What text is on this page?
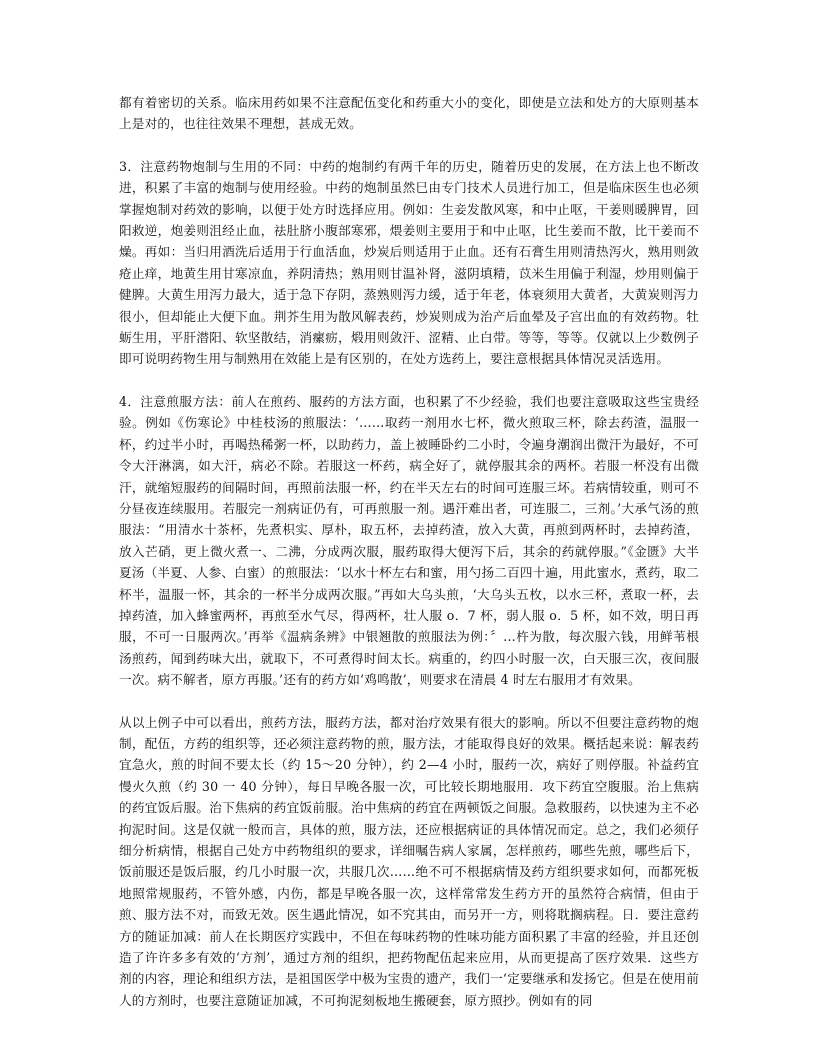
都有着密切的关系。临床用药如果不注意配伍变化和药重大小的变化，即使是立法和处方的大原则基本上是对的，也往往效果不理想，甚成无效。

3．注意药物炮制与生用的不同：中药的炮制约有两千年的历史，随着历史的发展，在方法上也不断改进，积累了丰富的炮制与使用经验。中药的炮制虽然巳由专门技术人员进行加工，但是临床医生也必须掌握炮制对药效的影响，以便于处方时选择应用。例如：生妾发散风寒，和中止呕，干姜则暖脾胃，回阳救逆，炮姜则沮经止血，祛肚脐小腹部寒邪，煨姜则主要用于和中止呕，比生姜而不散，比干姜而不燥。再如：当归用酒洗后适用于行血活血，炒炭后则适用于止血。还有石膏生用则清热泻火，熟用则敛疮止痒，地黄生用甘寒凉血，养阴清热；熟用则甘温补肾，滋阴填精，苡米生用偏于利湿，炒用则偏于健脾。大黄生用泻力最大，适于急下存阴，蒸熟则泻力缓，适于年老，体衰须用大黄者，大黄炭则泻力很小，但却能止大便下血。荆芥生用为散风解表药，炒炭则成为治产后血晕及子宫出血的有效药物。牡蛎生用，平肝潜阳、软坚散结，消瘰疬，煅用则敛汗、涩精、止白带。等等，等等。仅就以上少数例子即可说明药物生用与制熟用在效能上是有区别的，在处方选药上，要注意根据具体情况灵活选用。

4．注意煎服方法：前人在煎药、服药的方法方面，也积累了不少经验，我们也要注意吸取这些宝贵经验。例如《伤寒论》中桂枝汤的煎服法：‘……取药一剂用水七杯，微火煎取三杯，除去药渣，温服一杯，约过半小时，再喝热稀粥一杯，以助药力，盖上被睡卧约二小时，令遍身潮润出微汗为最好，不可令大汗淋漓，如大汗，病必不除。若服这一杯药，病全好了，就停服其余的两杯。若服一杯没有出微汗，就缩短服药的间隔时间，再照前法服一杯，约在半天左右的时间可连服三坏。若病情较重，则可不分昼夜连续服用。若服完一剂病证仍有，可再煎服一剂。遇汗难出者，可连服二，三剂。’大承气汤的煎服法：“用清水十茶杯，先煮枳实、厚朴，取五杯，去掉药渣，放入大黄，再煎到两杯时，去掉药渣，放入芒硝，更上微火煮一、二沸，分成两次服，服药取得大便泻下后，其余的药就停服。”《金匮》大半夏汤（半夏、人参、白蜜）的煎服法：‘以水十杯左右和蜜，用勺扬二百四十遍，用此蜜水，煮药，取二杯半，温服一怀，其余的一杯半分成两次服。”再如大乌头煎，‘大乌头五枚，以水三杯，煮取一杯，去掉药渣，加入蜂蜜两杯，再煎至水气尽，得两杯，壮人服 o．7 杯，弱人服 o．5 杯，如不效，明日再服，不可一日服两次。’再举《温病条辨》中银翘散的煎服法为例：〞…杵为散，每次服六钱，用鲜苇根汤煎药，闻到药味大出，就取下，不可煮得时间太长。病重的，约四小时服一次，白天服三次，夜间服一次。病不解者，原方再服。’还有的药方如‘鸡鸣散’，则要求在清晨 4 时左右服用才有效果。

从以上例子中可以看出，煎药方法，服药方法，都对治疗效果有很大的影响。所以不但要注意药物的炮制，配伍，方药的组织等，还必须注意药物的煎，服方法，才能取得良好的效果。概括起来说：解表药宜急火，煎的时间不要太长（约 15～20 分钟），约 2—4 小时，服药一次，病好了则停服。补益药宜慢火久煎（约 30 一 40 分钟），每日早晚各服一次，可比较长期地服用．攻下药宜空腹服。治上焦病的药宜饭后服。治下焦病的药宜饭前服。治中焦病的药宜在两顿饭之间服。急救服药，以快速为主不必拘泥时间。这是仅就一般而言，具体的煎，服方法，还应根据病证的具体情况而定。总之，我们必须仔细分析病情，根据自己处方中药物组织的要求，详细嘱告病人家属，怎样煎药，哪些先煎，哪些后下，饭前服还是饭后服，约几小时服一次，共服几次……绝不可不根据病情及药方组织要求如何，而都死板地照常规服药，不管外感，内伤，都是早晚各服一次，这样常常发生药方开的虽然符合病情，但由于煎、服方法不对，而致无效。医生遇此情况，如不究其由，而另开一方，则将耽搁病程。日．要注意药方的随证加减：前人在长期医疗实践中，不但在每味药物的性味功能方面积累了丰富的经验，并且还创造了许许多多有效的‘方剂’，通过方剂的组织，把药物配伍起来应用，从而更提高了医疗效果．这些方剂的内容，理论和组织方法，是祖国医学中极为宝贵的遗产，我们一‘定要继承和发扬它。但是在使用前人的方剂时，也要注意随证加减，不可拘泥刻板地生搬硬套，原方照抄。例如有的同
